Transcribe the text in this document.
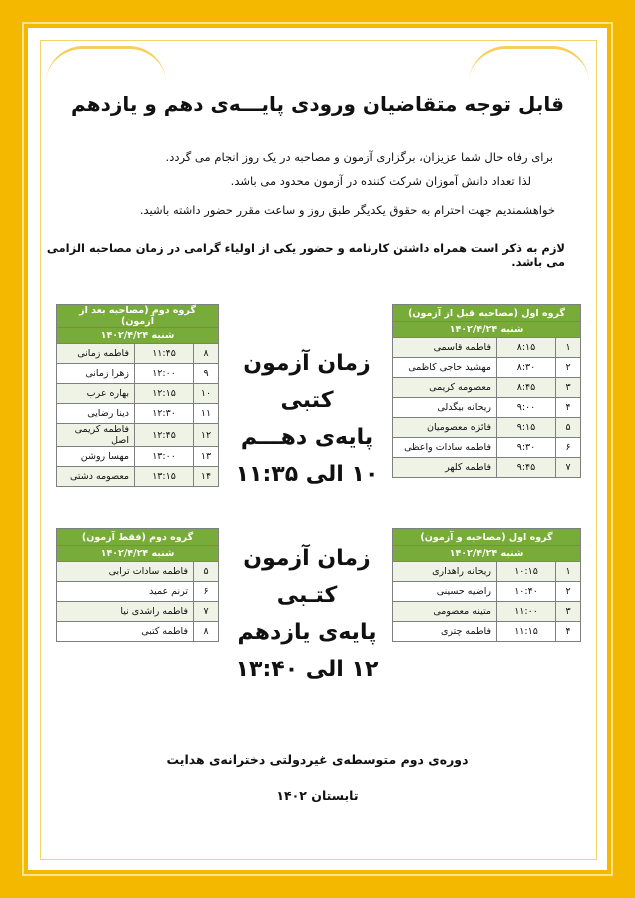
قابل توجه متقاضیان ورودی پایـــه‌ی دهم و یازدهم
برای رفاه حال شما عزیزان، برگزاری آزمون و مصاحبه در یک روز انجام می گردد.
لذا تعداد دانش آموزان شرکت کننده در آزمون محدود می باشد.
خواهشمندیم جهت احترام به حقوق یکدیگر طبق روز و ساعت مقرر حضور داشته باشید.
لازم به ذکر است همراه داشتن کارنامه و حضور یکی از اولیاء گرامی در زمان مصاحبه الزامی می باشد.
گروه اول (مصاحبه قبل از آزمون)		
شنبه ۱۴۰۲/۴/۲۴		
۱	۸:۱۵	فاطمه قاسمی
۲	۸:۳۰	مهشید حاجی کاظمی
۳	۸:۴۵	معصومه کریمی
۴	۹:۰۰	ریحانه بیگدلی
۵	۹:۱۵	فائزه معصومیان
۶	۹:۳۰	فاطمه سادات واعظی
۷	۹:۴۵	فاطمه کلهر
گروه دوم (مصاحبه بعد از آزمون)		
شنبه ۱۴۰۲/۴/۲۴		
۸	۱۱:۴۵	فاطمه زمانی
۹	۱۲:۰۰	زهرا زمانی
۱۰	۱۲:۱۵	بهاره عرب
۱۱	۱۲:۳۰	دینا رضایی
۱۲	۱۲:۴۵	فاطمه کریمی اصل
۱۳	۱۳:۰۰	مهسا روشن
۱۴	۱۳:۱۵	معصومه دشتی
زمان آزمون کتبی
پایه‌ی دهـــم
۱۰ الی ۱۱:۳۵
گروه اول (مصاحبه و آزمون)		
شنبه ۱۴۰۲/۴/۲۴		
۱	۱۰:۱۵	ریحانه راهداری
۲	۱۰:۴۰	راضیه حسینی
۳	۱۱:۰۰	متینه معصومی
۴	۱۱:۱۵	فاطمه چتری
گروه دوم (فقط آزمون)	
شنبه ۱۴۰۲/۴/۲۴	
۵	فاطمه سادات ترابی
۶	ترنم عمید
۷	فاطمه راشدی نیا
۸	فاطمه کتبی
زمان آزمون کتـبی
پایه‌ی یازدهم
۱۲ الی ۱۳:۴۰
دوره‌ی دوم متوسطه‌ی غیردولتی دخترانه‌ی هدایت
تابستان ۱۴۰۲
